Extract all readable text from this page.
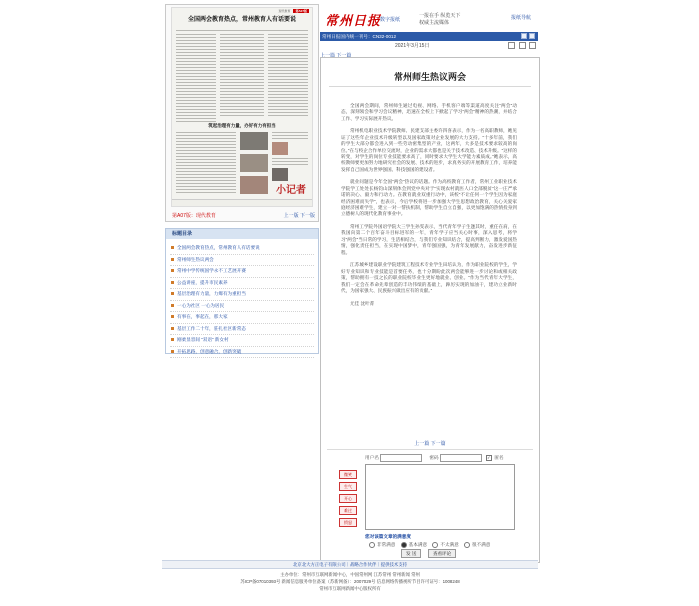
现代教育	第A07版
全国两会教育热点，常州教育人有话要说
筑起治理有力量，办好有力有担当
小记者
第A07版：现代教育	上一版 下一版
标题目录
全国两会教育热点，常州教育人有话要说
常州师生热议两会
常州中学传统国学永不工艺展开赛
公益讲座，提升市民素养
基层治理有力量，力爆有为重担当
一心为社区 一心为居民
有事在，事起在，那大家
基层工作二十年，驻扎社区新常态
刚柔显容间 “双语” 新女村
开拓思路，创意融合，创新突破
常州日报
数字报纸
一报在手 纵览天下
权威主流媒体
报纸导航
常州日报国内统一刊号：CN32-0012
2021年3月15日

上一篇 下一篇
常州师生热议两会

全国两会期间，常州师生通过电视、网络、手机客户端等渠道高度关注“两会”动态，深刻领会和学习会议精神，迅速在全校上下掀起了学习“两会”精神的热潮，并结合工作、学习实际展开热议。

常州机电职业技术学院教师、民建支部主委许四喜表示，作为一名高职教师，她见证了这些年企业技术升级转型以及国家政策对企业发展的大力支持。“十多年前，我们的学生大部分都会进入到一些劳动密集型的产业，这两年，大多是技术要求较高的岗位。”在与校企合作单位交流时，企业的需求大都也是关于技术改造、技术升级。“这样的转变，对学生的岗位专业技能要求高了，同时要求大学生大学能力素质成。”她表示，高校教师要更加努力地研究社会的发展、技术的进步，求真务实的开展教育工作，培养能发挥自己国成为世界强国、科技强国的建设者。

就业问题是今年全国“两会”热议的话题。作为高校教育工作者，常州工业职业技术学院学工处处长杨钧山深刻体会到党中央对于“实现农村就医人口全部脱贫”这一庄严承诺的决心、毅力和行动力。在教育就业双重行动中，该校“不让任何一个学生因为家庭经济困难而失学”，也表示，今后学校将进一步加强大学生思想政治教育，关心关爱家庭经济困难学生，建立一对一帮扶机制，帮助学生自立自强，以更加饱满的热情投身到立德树人的现代化教育事业中。

常州工学院外国语学院大三学生孙雯表示，当代青年学子生逢其时，重任在肩，在我国向第二个百年奋斗目标进军的一年，青年学子应当关心时事，深入思考，将学习“两会”当日常的学习，生活相结合，与我们专业知识结合，提高判断力，激发爱国热情，强化责任担当，在实现中国梦中，青年强国强，为青年发展献力，奋发进步新征程。

江苏城乡建设职业学院建筑工程技术专业学生田培认为，作为职业院校的学生，学好专业知识和专业技能是首要任务，也十分期盼此次两会能够进一步讨论和或相关政策，帮助拥有一技之长的职业院校毕业生更好地就业、创业。“作为当代青年大学生，我们一定会在革命先辈创造的丰功伟绩的基础上，踔厉实现的加油干，建功立业新时代，为国家强大、民族振兴做出应有的贡献。”

尤佳 沈叶菁

上一篇 下一篇
用户名	密码  ✓	匿名
微笑
生气
开心
难过
愤怒
您对该篇文章的满意度
非常满意	基本满意	不太满意	很不满意
发 送	查看评论
北京北大方正电子有限公司｜战略合作伙伴｜提供技术支持
主办单位：常州市互联网新闻中心，中国常州网 江苏常州 常州新闻 常州
苏ICP备07010393号 新闻信息服务单位备案（苏新网备）：2007029号 信息网络传播视听节目许可证号：1008248
常州市互联网新闻中心版权所有
